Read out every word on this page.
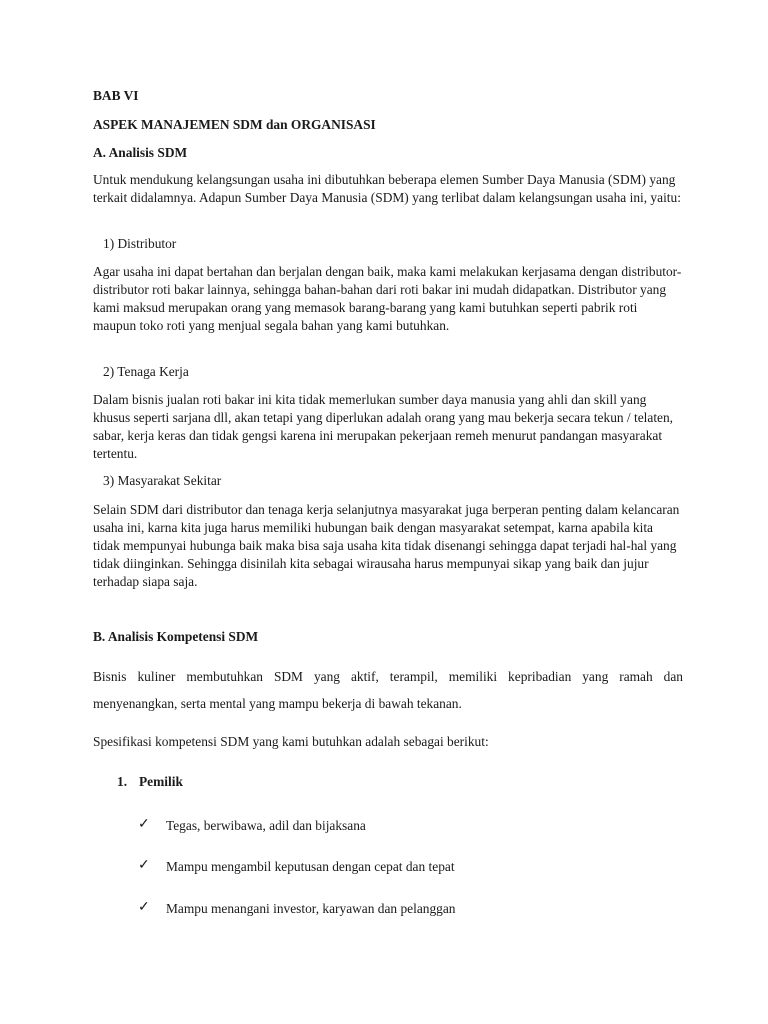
BAB VI

ASPEK MANAJEMEN SDM dan ORGANISASI

A. Analisis SDM

Untuk mendukung kelangsungan usaha ini dibutuhkan beberapa elemen Sumber Daya Manusia (SDM) yang terkait didalamnya. Adapun Sumber Daya Manusia (SDM) yang terlibat dalam kelangsungan usaha ini, yaitu:

1) Distributor

Agar usaha ini dapat bertahan dan berjalan dengan baik, maka kami melakukan kerjasama dengan distributor-distributor roti bakar lainnya, sehingga bahan-bahan dari roti bakar ini mudah didapatkan. Distributor yang kami maksud merupakan orang yang memasok barang-barang yang kami butuhkan seperti pabrik roti maupun toko roti yang menjual segala bahan yang kami butuhkan.

2) Tenaga Kerja

Dalam bisnis jualan roti bakar ini kita tidak memerlukan sumber daya manusia yang ahli dan skill yang khusus seperti sarjana dll, akan tetapi yang diperlukan adalah orang yang mau bekerja secara tekun / telaten, sabar, kerja keras dan tidak gengsi karena ini merupakan pekerjaan remeh menurut pandangan masyarakat tertentu.

3) Masyarakat Sekitar

Selain SDM dari distributor dan tenaga kerja selanjutnya masyarakat juga berperan penting dalam kelancaran usaha ini, karna kita juga harus memiliki hubungan baik dengan masyarakat setempat, karna apabila kita tidak mempunyai hubunga baik maka bisa saja usaha kita tidak disenangi sehingga dapat terjadi hal-hal yang tidak diinginkan. Sehingga disinilah kita sebagai wirausaha harus mempunyai sikap yang baik dan jujur terhadap siapa saja.

B. Analisis Kompetensi SDM

Bisnis kuliner membutuhkan SDM yang aktif, terampil, memiliki kepribadian yang ramah dan menyenangkan, serta mental yang mampu bekerja di bawah tekanan.

Spesifikasi kompetensi SDM yang kami butuhkan adalah sebagai berikut:

1. Pemilik

✓ Tegas, berwibawa, adil dan bijaksana

✓ Mampu mengambil keputusan dengan cepat dan tepat

✓ Mampu menangani investor, karyawan dan pelanggan
